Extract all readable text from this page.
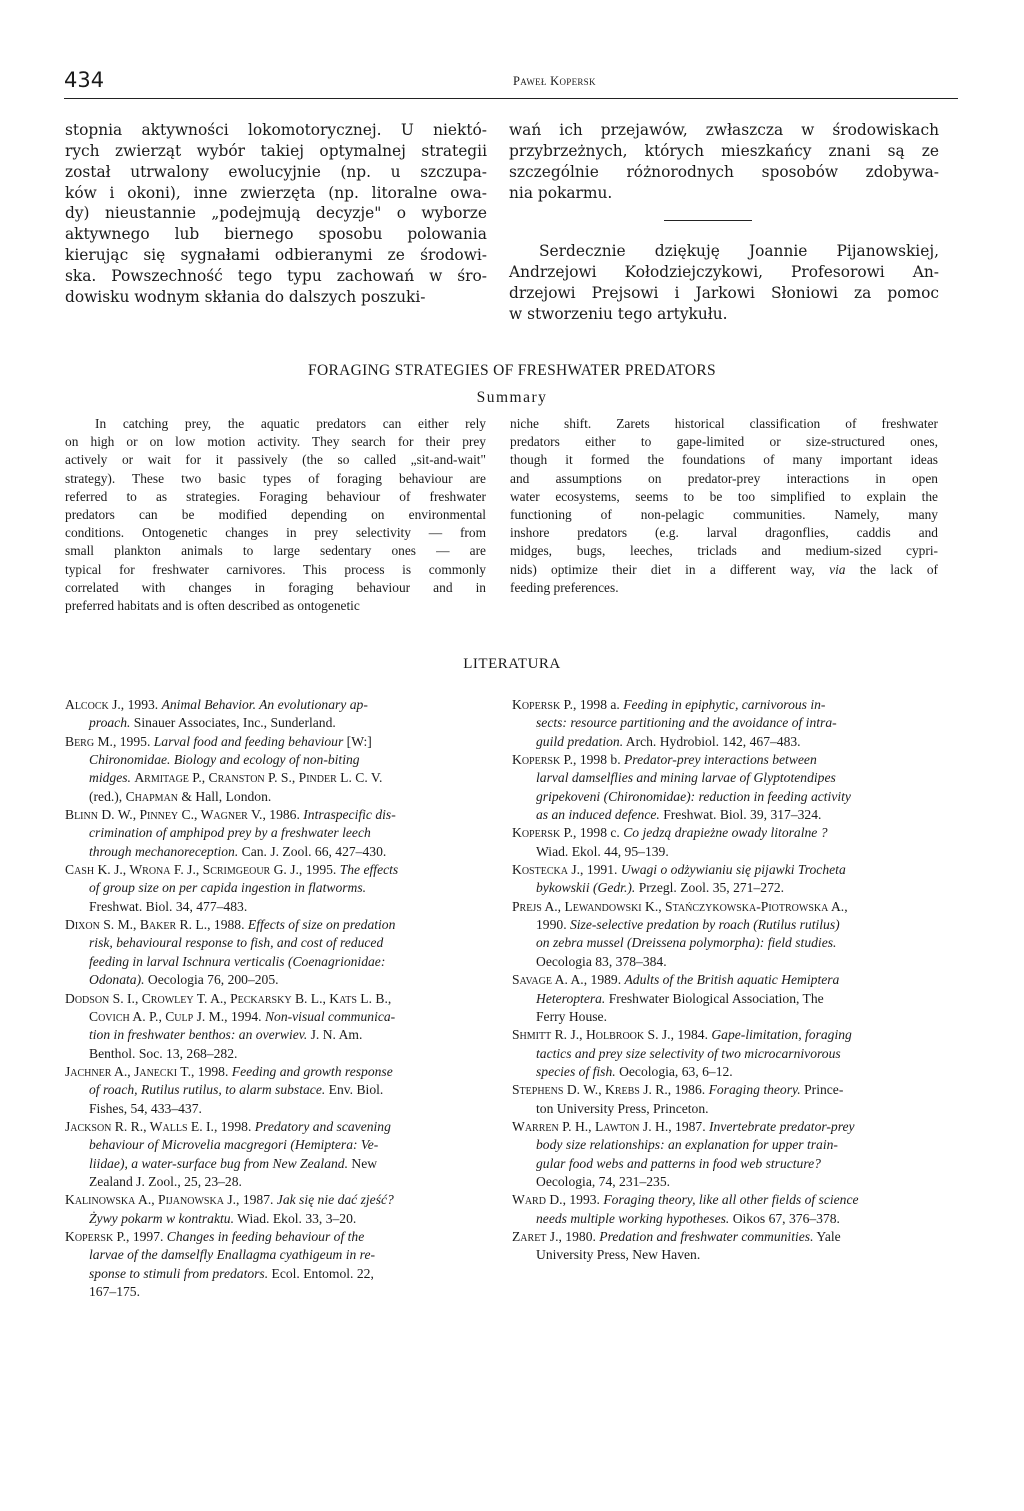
434	Paweł Kopersk
stopnia aktywności lokomotorycznej. U niektó-
rych zwierząt wybór takiej optymalnej strategii
został utrwalony ewolucyjnie (np. u szczupa-
ków i okoni), inne zwierzęta (np. litoralne owa-
dy) nieustannie „podejmują decyzje" o wyborze
aktywnego lub biernego sposobu polowania
kierując się sygnałami odbieranymi ze środowi-
ska. Powszechność tego typu zachowań w śro-
dowisku wodnym skłania do dalszych poszuki-
wań ich przejawów, zwłaszcza w środowiskach
przybrzeżnych, których mieszkańcy znani są ze
szczególnie różnorodnych sposobów zdobywa-
nia pokarmu.
Serdecznie dziękuję Joannie Pijanowskiej,
Andrzejowi Kołodziejczykowi, Profesorowi An-
drzejowi Prejsowi i Jarkowi Słoniowi za pomoc
w stworzeniu tego artykułu.
FORAGING STRATEGIES OF FRESHWATER PREDATORS
Summary
In catching prey, the aquatic predators can either rely
on high or on low motion activity. They search for their prey
actively or wait for it passively (the so called „sit-and-wait"
strategy). These two basic types of foraging behaviour are
referred to as strategies. Foraging behaviour of freshwater
predators can be modified depending on environmental
conditions. Ontogenetic changes in prey selectivity — from
small plankton animals to large sedentary ones — are
typical for freshwater carnivores. This process is commonly
correlated with changes in foraging behaviour and in
preferred habitats and is often described as ontogenetic
niche shift. Zarets historical classification of freshwater
predators either to gape-limited or size-structured ones,
though it formed the foundations of many important ideas
and assumptions on predator-prey interactions in open
water ecosystems, seems to be too simplified to explain the
functioning of non-pelagic communities. Namely, many
inshore predators (e.g. larval dragonflies, caddis and
midges, bugs, leeches, triclads and medium-sized cypri-
nids) optimize their diet in a different way, via the lack of
feeding preferences.
LITERATURA
Alcock J., 1993. Animal Behavior. An evolutionary ap-
proach. Sinauer Associates, Inc., Sunderland.
Berg M., 1995. Larval food and feeding behaviour [W:]
Chironomidae. Biology and ecology of non-biting
midges. Armitage P., Cranston P. S., Pinder L. C. V.
(red.), Chapman & Hall, London.
Blinn D. W., Pinney C., Wagner V., 1986. Intraspecific dis-
crimination of amphipod prey by a freshwater leech
through mechanoreception. Can. J. Zool. 66, 427–430.
Cash K. J., Wrona F. J., Scrimgeour G. J., 1995. The effects
of group size on per capida ingestion in flatworms.
Freshwat. Biol. 34, 477–483.
Dixon S. M., Baker R. L., 1988. Effects of size on predation
risk, behavioural response to fish, and cost of reduced
feeding in larval Ischnura verticalis (Coenagrionidae:
Odonata). Oecologia 76, 200–205.
Dodson S. I., Crowley T. A., Peckarsky B. L., Kats L. B.,
Covich A. P., Culp J. M., 1994. Non-visual communica-
tion in freshwater benthos: an overwiev. J. N. Am.
Benthol. Soc. 13, 268–282.
Jachner A., Janecki T., 1998. Feeding and growth response
of roach, Rutilus rutilus, to alarm substace. Env. Biol.
Fishes, 54, 433–437.
Jackson R. R., Walls E. I., 1998. Predatory and scavening
behaviour of Microvelia macgregori (Hemiptera: Ve-
liidae), a water-surface bug from New Zealand. New
Zealand J. Zool., 25, 23–28.
Kalinowska A., Pijanowska J., 1987. Jak się nie dać zjeść?
Żywy pokarm w kontraktu. Wiad. Ekol. 33, 3–20.
Kopersk P., 1997. Changes in feeding behaviour of the
larvae of the damselfly Enallagma cyathigeum in re-
sponse to stimuli from predators. Ecol. Entomol. 22,
167–175.
Kopersk P., 1998 a. Feeding in epiphytic, carnivorous in-
sects: resource partitioning and the avoidance of intra-
guild predation. Arch. Hydrobiol. 142, 467–483.
Kopersk P., 1998 b. Predator-prey interactions between
larval damselflies and mining larvae of Glyptotendipes
gripekoveni (Chironomidae): reduction in feeding activity
as an induced defence. Freshwat. Biol. 39, 317–324.
Kopersk P., 1998 c. Co jedzą drapieżne owady litoralne ?
Wiad. Ekol. 44, 95–139.
Kostecka J., 1991. Uwagi o odżywianiu się pijawki Trocheta
bykowskii (Gedr.). Przegl. Zool. 35, 271–272.
Prejs A., Lewandowski K., Stańczykowska-Piotrowska A.,
1990. Size-selective predation by roach (Rutilus rutilus)
on zebra mussel (Dreissena polymorpha): field studies.
Oecologia 83, 378–384.
Savage A. A., 1989. Adults of the British aquatic Hemiptera
Heteroptera. Freshwater Biological Association, The
Ferry House.
Shmitt R. J., Holbrook S. J., 1984. Gape-limitation, foraging
tactics and prey size selectivity of two microcarnivorous
species of fish. Oecologia, 63, 6–12.
Stephens D. W., Krebs J. R., 1986. Foraging theory. Prince-
ton University Press, Princeton.
Warren P. H., Lawton J. H., 1987. Invertebrate predator-prey
body size relationships: an explanation for upper train-
gular food webs and patterns in food web structure?
Oecologia, 74, 231–235.
Ward D., 1993. Foraging theory, like all other fields of science
needs multiple working hypotheses. Oikos 67, 376–378.
Zaret J., 1980. Predation and freshwater communities. Yale
University Press, New Haven.
